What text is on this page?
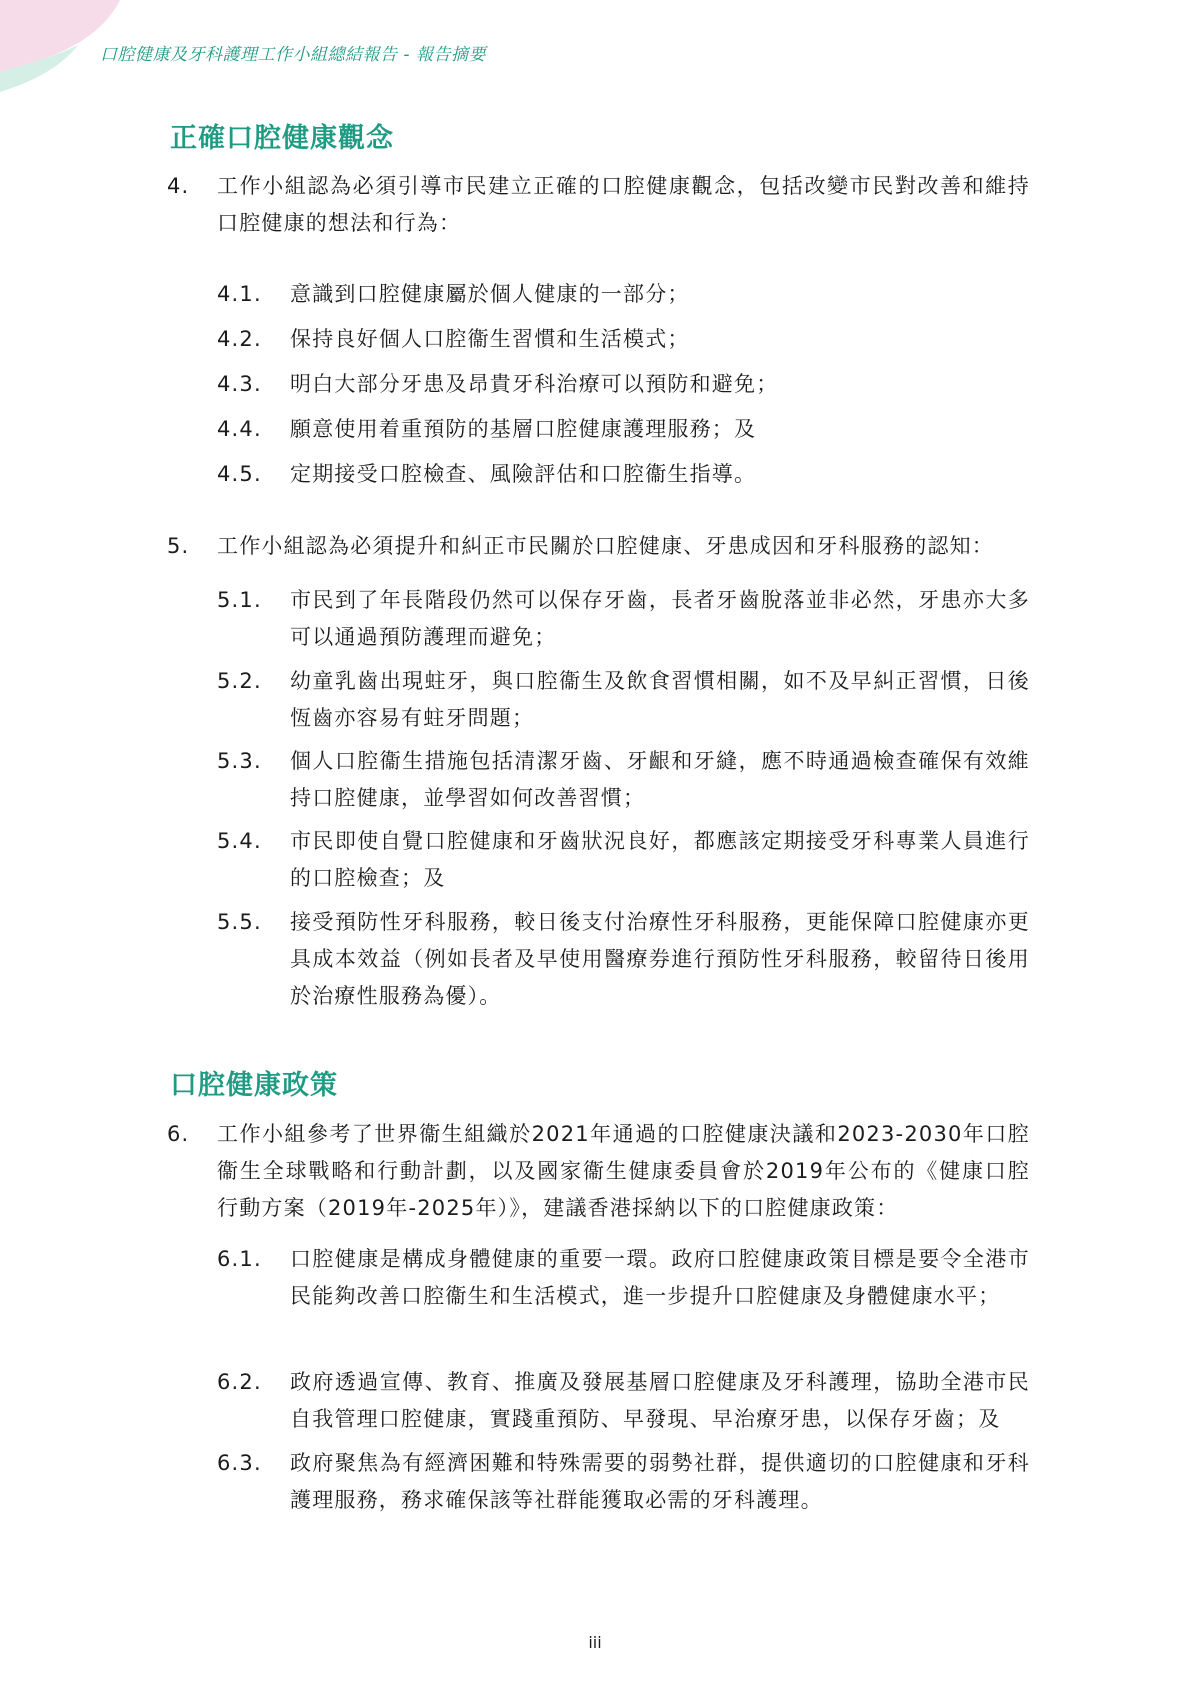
口腔健康及牙科護理工作小組總結報告 - 報告摘要
正確口腔健康觀念
4. 工作小組認為必須引導市民建立正確的口腔健康觀念，包括改變市民對改善和維持口腔健康的想法和行為：
4.1. 意識到口腔健康屬於個人健康的一部分；
4.2. 保持良好個人口腔衞生習慣和生活模式；
4.3. 明白大部分牙患及昂貴牙科治療可以預防和避免；
4.4. 願意使用着重預防的基層口腔健康護理服務；及
4.5. 定期接受口腔檢查、風險評估和口腔衞生指導。
5. 工作小組認為必須提升和糾正市民關於口腔健康、牙患成因和牙科服務的認知：
5.1. 市民到了年長階段仍然可以保存牙齒，長者牙齒脫落並非必然，牙患亦大多可以通過預防護理而避免；
5.2. 幼童乳齒出現蛀牙，與口腔衞生及飲食習慣相關，如不及早糾正習慣，日後恆齒亦容易有蛀牙問題；
5.3. 個人口腔衞生措施包括清潔牙齒、牙齦和牙縫，應不時通過檢查確保有效維持口腔健康，並學習如何改善習慣；
5.4. 市民即使自覺口腔健康和牙齒狀況良好，都應該定期接受牙科專業人員進行的口腔檢查；及
5.5. 接受預防性牙科服務，較日後支付治療性牙科服務，更能保障口腔健康亦更具成本效益（例如長者及早使用醫療券進行預防性牙科服務，較留待日後用於治療性服務為優）。
口腔健康政策
6. 工作小組參考了世界衞生組織於2021年通過的口腔健康決議和2023-2030年口腔衞生全球戰略和行動計劃，以及國家衞生健康委員會於2019年公布的《健康口腔行動方案（2019年-2025年）》，建議香港採納以下的口腔健康政策：
6.1. 口腔健康是構成身體健康的重要一環。政府口腔健康政策目標是要令全港市民能夠改善口腔衞生和生活模式，進一步提升口腔健康及身體健康水平；
6.2. 政府透過宣傳、教育、推廣及發展基層口腔健康及牙科護理，協助全港市民自我管理口腔健康，實踐重預防、早發現、早治療牙患，以保存牙齒；及
6.3. 政府聚焦為有經濟困難和特殊需要的弱勢社群，提供適切的口腔健康和牙科護理服務，務求確保該等社群能獲取必需的牙科護理。
iii
